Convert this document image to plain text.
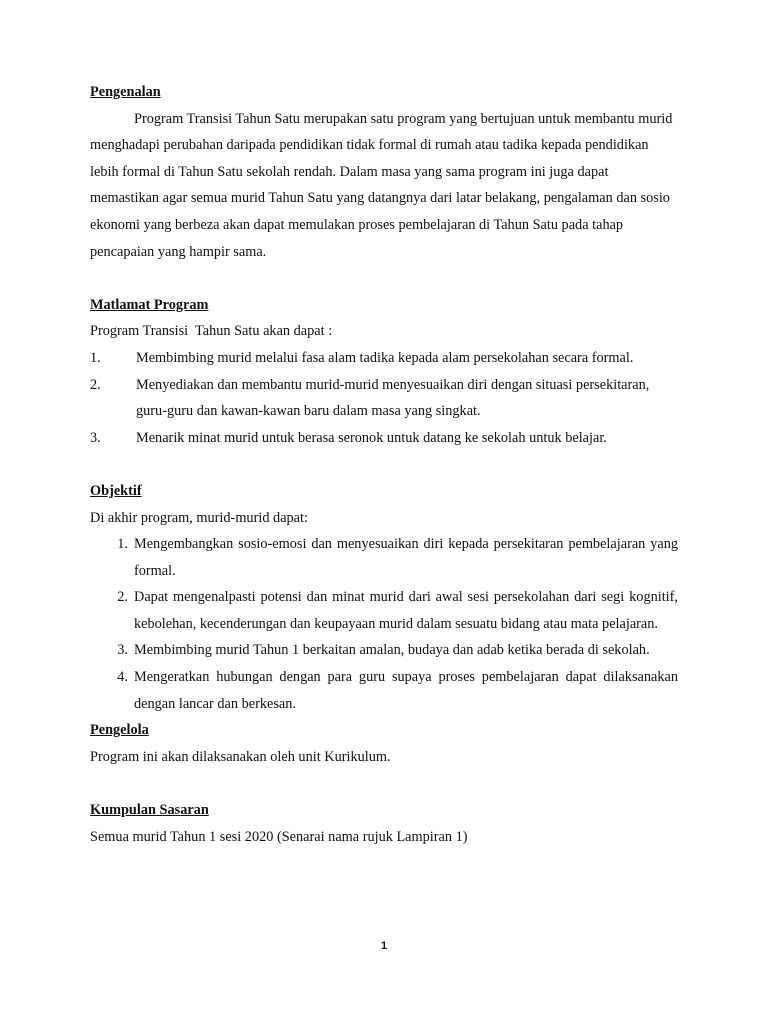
Pengenalan

Program Transisi Tahun Satu merupakan satu program yang bertujuan untuk membantu murid menghadapi perubahan daripada pendidikan tidak formal di rumah atau tadika kepada pendidikan lebih formal di Tahun Satu sekolah rendah. Dalam masa yang sama program ini juga dapat memastikan agar semua murid Tahun Satu yang datangnya dari latar belakang, pengalaman dan sosio ekonomi yang berbeza akan dapat memulakan proses pembelajaran di Tahun Satu pada tahap pencapaian yang hampir sama.

Matlamat Program
Program Transisi  Tahun Satu akan dapat :
1.	Membimbing murid melalui fasa alam tadika kepada alam persekolahan secara formal.
2.	Menyediakan dan membantu murid-murid menyesuaikan diri dengan situasi persekitaran, guru-guru dan kawan-kawan baru dalam masa yang singkat.
3.	Menarik minat murid untuk berasa seronok untuk datang ke sekolah untuk belajar.
Objektif
Di akhir program, murid-murid dapat:
1. Mengembangkan sosio-emosi dan menyesuaikan diri kepada persekitaran pembelajaran yang formal.
2. Dapat mengenalpasti potensi dan minat murid dari awal sesi persekolahan dari segi kognitif, kebolehan, kecenderungan dan keupayaan murid dalam sesuatu bidang atau mata pelajaran.
3. Membimbing murid Tahun 1 berkaitan amalan, budaya dan adab ketika berada di sekolah.
4. Mengeratkan hubungan dengan para guru supaya proses pembelajaran dapat dilaksanakan dengan lancar dan berkesan.
Pengelola
Program ini akan dilaksanakan oleh unit Kurikulum.
Kumpulan Sasaran
Semua murid Tahun 1 sesi 2020 (Senarai nama rujuk Lampiran 1)
1
